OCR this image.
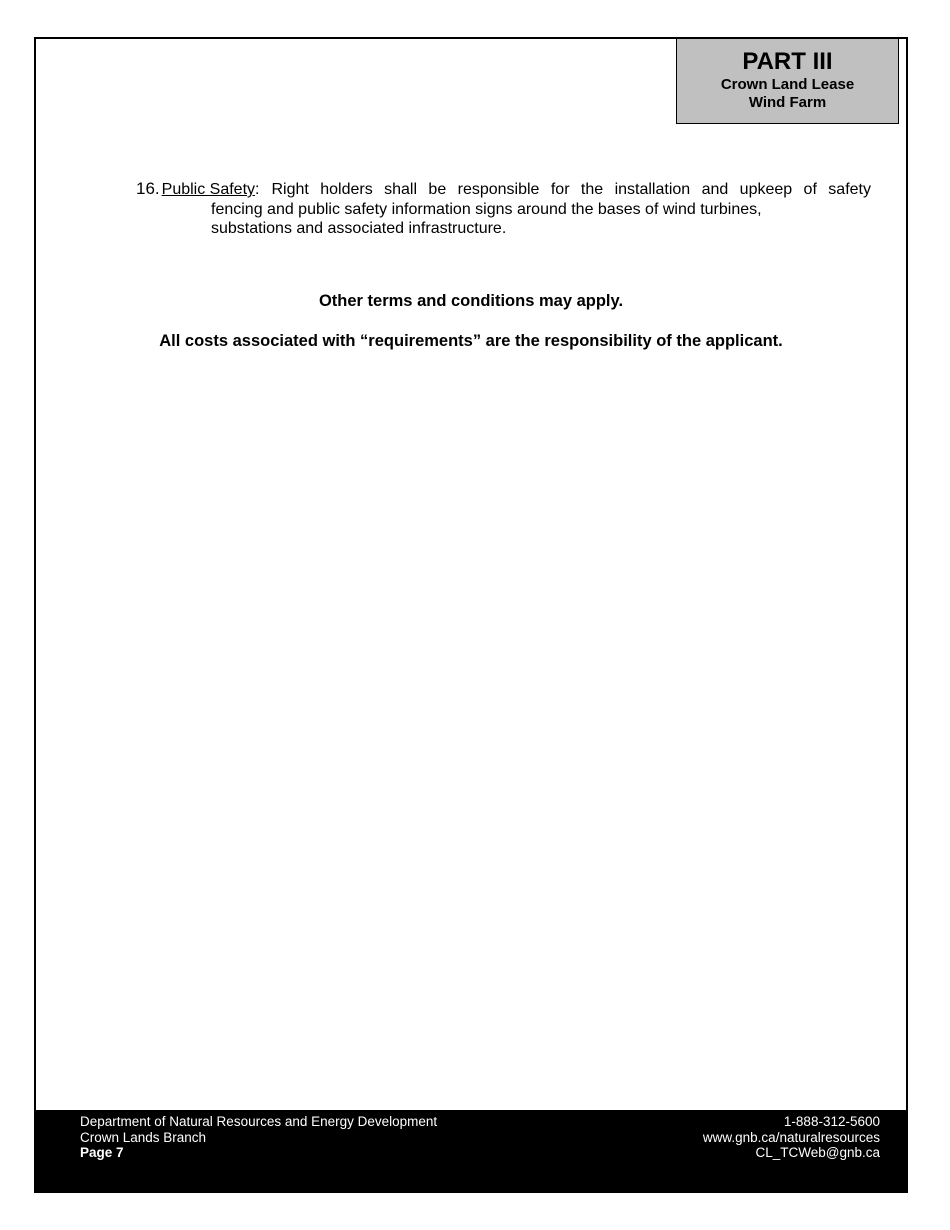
PART III
Crown Land Lease
Wind Farm
16. Public Safety : Right holders shall be responsible for the installation and upkeep of safety
fencing and public safety information signs around the bases of wind turbines,
substations and associated infrastructure.
Other terms and conditions may apply.
All costs associated with “requirements” are the responsibility of the applicant.
Department of Natural Resources and Energy Development
Crown Lands Branch
Page 7
1-888-312-5600
www.gnb.ca/naturalresources
CL_TCWeb@gnb.ca
